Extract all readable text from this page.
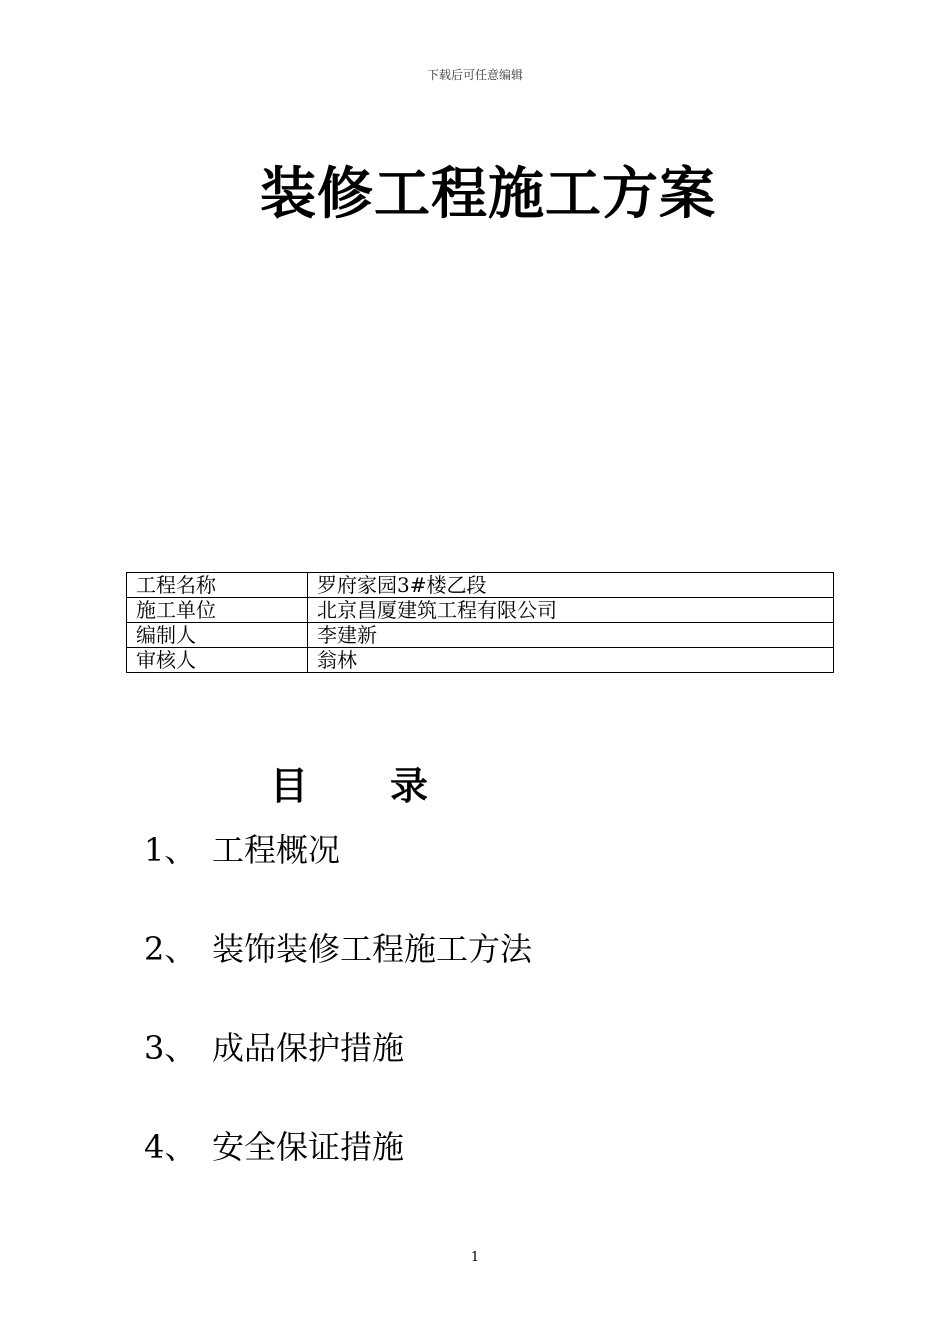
下载后可任意编辑
装修工程施工方案
工程名称	罗府家园3#楼乙段
施工单位	北京昌厦建筑工程有限公司
编制人	李建新
审核人	翁林
目 录
1、 工程概况
2、 装饰装修工程施工方法
3、 成品保护措施
4、 安全保证措施
1
